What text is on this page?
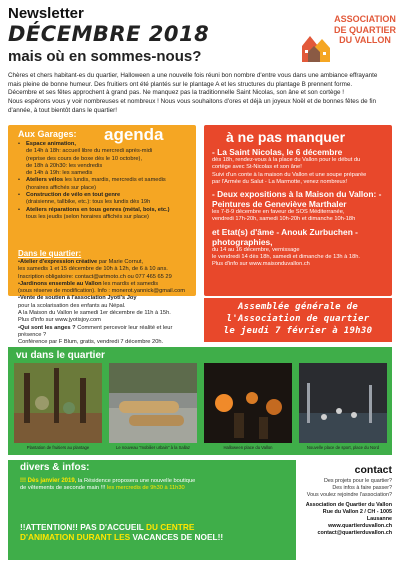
Newsletter
DÉCEMBRE 2018
mais où en sommes-nous?
ASSOCIATION
DE QUARTIER
DU VALLON

Chères et chers habitant-es du quartier, Halloween a une nouvelle fois réuni bon nombre d'entre vous dans une ambiance effrayante mais pleine de bonne humeur. Des fruitiers ont été plantés sur le plantage A et les structures du plantage B prennent forme.

Décembre et ses fêtes approchent à grand pas. Ne manquez pas la traditionnelle Saint Nicolas, son âne et son cortège !

Nous espérons vous y voir nombreuses et nombreux ! Nous vous souhaitons d'ores et déjà un joyeux Noël et de bonnes fêtes de fin d'année, à tout bientôt dans le quartier!

Aux Garages: agenda
• Espace animation,
de 14h à 18h: accueil libre du mercredi après-midi
(reprise des cours de boxe dès le 10 octobre),
de 18h à 20h30: les vendredis
de 14h à 19h: les samedis
• Ateliers vélos les lundis, mardis, mercredis et samedis
(horaires affichés sur place)
• Construction de vélo en tout genre
(draisienne, tallbike, etc.): tous les lundis dès 19h
• Ateliers réparations en tous genres (métal, bois, etc.)
tous les jeudis (selon horaires affichés sur place)
Dans le quartier:
•Atelier d'expression créative par Marie Cornut,
les samedis 1 et 15 décembre de 10h à 12h, de 6 à 10 ans.
Inscription obligatoire: contact@artmoto.ch ou 077 465 65 29
•Jardinons ensemble au Vallon les mardis et samedis
(sous réserve de modification). Info : monerot.yannick@gmail.com
•Vente de soutien à l'association Jyoti's Joy
pour la scolarisation des enfants au Népal.
A la Maison du Vallon le samedi 1er décembre de 11h à 15h.
Plus d'info sur www.jyotisjoy.com
•Qui sont les anges ? Comment percevoir leur réalité et leur présence ?
Conférence par F Blum, gratis, vendredi 7 décembre 20h.
à ne pas manquer
- La Saint Nicolas, le 6 décembre
dès 18h, rendez-vous à la place du Vallon pour le début du
cortège avec St-Nicolas et son âne!
Suivi d'un conte à la maison du Vallon et une soupe préparée
par l'Armée du Salut - La Marmotte, venez nombreux!
- Deux expositions à la Maison du Vallon: - Peintures de Geneviève Marthaler
les 7-8-9 décembre en faveur de SOS Méditerranée,
vendredi 17h-20h, samedi 10h-20h et dimanche 10h-18h
et Etat(s) d'âme - Anouk Zurbuchen - photographies,
du 14 au 16 décembre, vernissage
le vendredi 14 dès 18h, samedi et dimanche de 13h à 18h.
Plus d'info sur www.maisonduvallon.ch
Assemblée générale de
l'Association de quartier
le jeudi 7 février à 19h30
vu dans le quartier
Plantation de fruitiers au plantage	Le nouveau "mobilier urbain" à la Sallaz	Halloween place du Vallon	Nouvelle place de sport, place du Nord
divers & infos:
!!! Dès janvier 2019, la Résidence proposera une nouvelle boutique
de vêtements de seconde main !!! les mercredis de 9h30 à 11h30
!!ATTENTION!! PAS D'ACCUEIL DU CENTRE
D'ANIMATION DURANT LES VACANCES DE NOEL!!
contact
Des projets pour le quartier?
Des infos à faire passer?
Vous voulez rejoindre l'association?
Association de Quartier du Vallon
Rue du Vallon 2 / CH - 1005 Lausanne
www.quartierduvallon.ch
contact@quartierduvallon.ch
